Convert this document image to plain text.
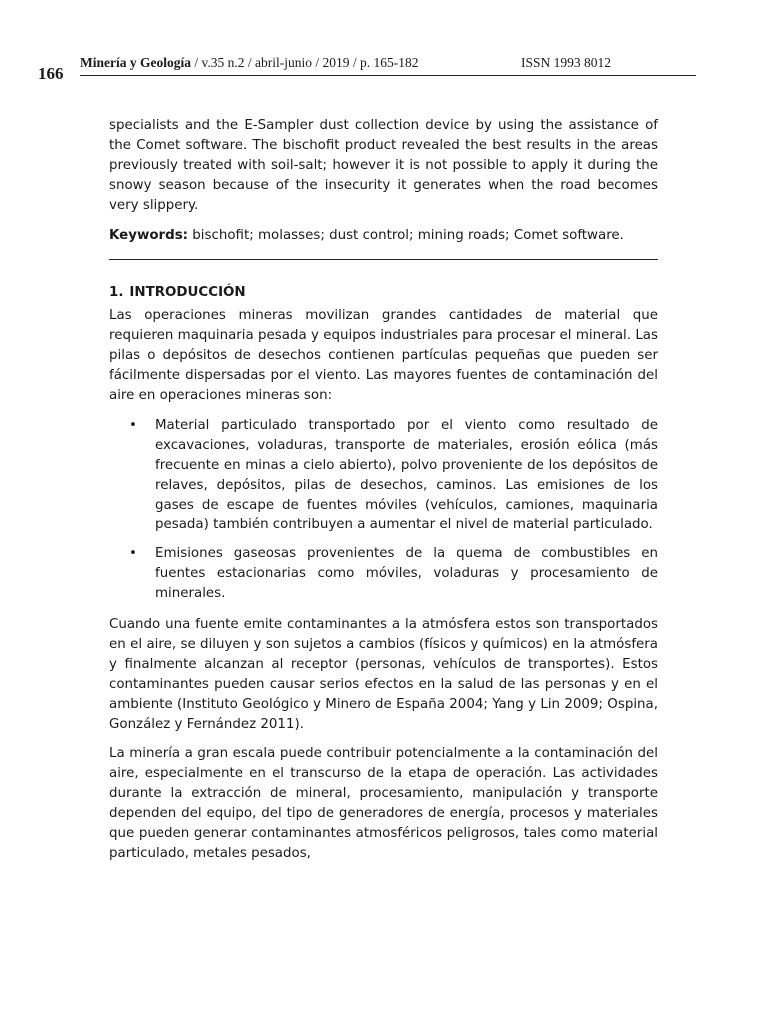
166
Minería y Geología / v.35 n.2 / abril-junio / 2019 / p. 165-182	ISSN 1993 8012

specialists and the E-Sampler dust collection device by using the assistance of the Comet software. The bischofit product revealed the best results in the areas previously treated with soil-salt; however it is not possible to apply it during the snowy season because of the insecurity it generates when the road becomes very slippery.

Keywords: bischofit; molasses; dust control; mining roads; Comet software.

1. INTRODUCCIÓN

Las operaciones mineras movilizan grandes cantidades de material que requieren maquinaria pesada y equipos industriales para procesar el mineral. Las pilas o depósitos de desechos contienen partículas pequeñas que pueden ser fácilmente dispersadas por el viento. Las mayores fuentes de contaminación del aire en operaciones mineras son:

• Material particulado transportado por el viento como resultado de excavaciones, voladuras, transporte de materiales, erosión eólica (más frecuente en minas a cielo abierto), polvo proveniente de los depósitos de relaves, depósitos, pilas de desechos, caminos. Las emisiones de los gases de escape de fuentes móviles (vehículos, camiones, maquinaria pesada) también contribuyen a aumentar el nivel de material particulado.
• Emisiones gaseosas provenientes de la quema de combustibles en fuentes estacionarias como móviles, voladuras y procesamiento de minerales.

Cuando una fuente emite contaminantes a la atmósfera estos son transportados en el aire, se diluyen y son sujetos a cambios (físicos y químicos) en la atmósfera y finalmente alcanzan al receptor (personas, vehículos de transportes). Estos contaminantes pueden causar serios efectos en la salud de las personas y en el ambiente (Instituto Geológico y Minero de España 2004; Yang y Lin 2009; Ospina, González y Fernández 2011).

La minería a gran escala puede contribuir potencialmente a la contaminación del aire, especialmente en el transcurso de la etapa de operación. Las actividades durante la extracción de mineral, procesamiento, manipulación y transporte dependen del equipo, del tipo de generadores de energía, procesos y materiales que pueden generar contaminantes atmosféricos peligrosos, tales como material particulado, metales pesados,
